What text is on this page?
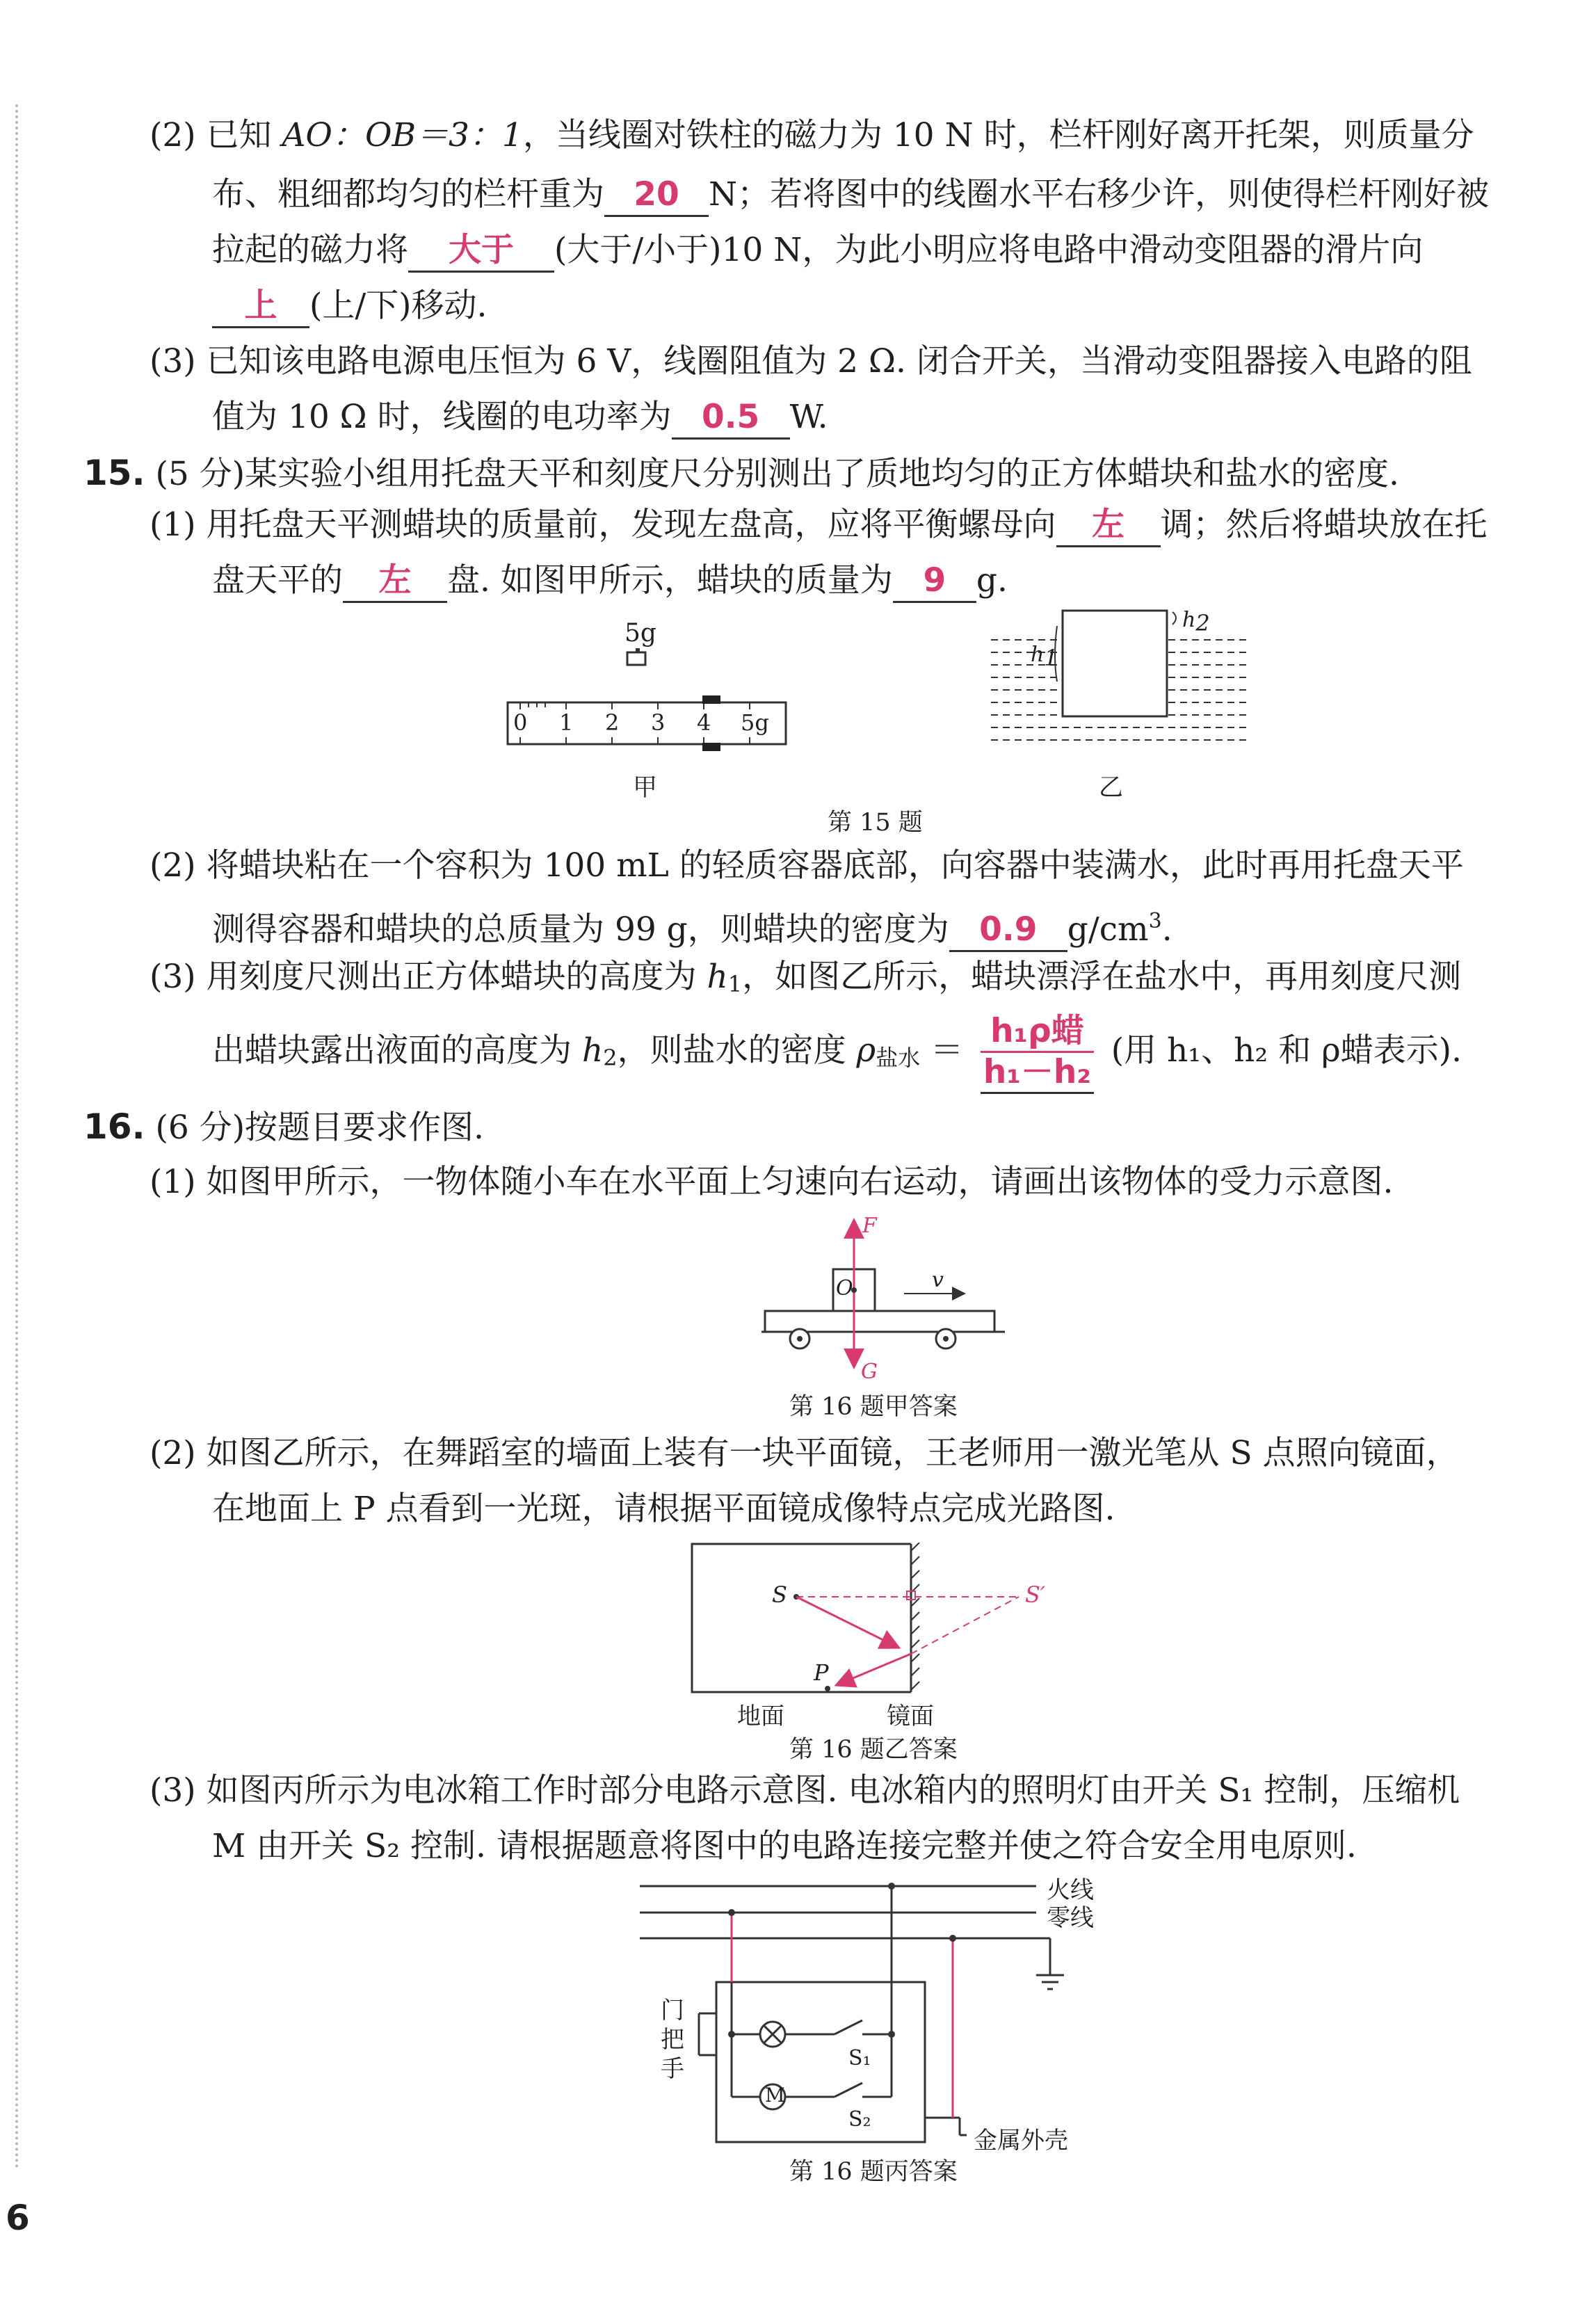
(2) 已知 AO：OB＝3：1，当线圈对铁柱的磁力为 10 N 时，栏杆刚好离开托架，则质量分
布、粗细都均匀的栏杆重为 20 N；若将图中的线圈水平右移少许，则使得栏杆刚好被
拉起的磁力将 大于 (大于/小于)10 N，为此小明应将电路中滑动变阻器的滑片向
上 (上/下)移动.
(3) 已知该电路电源电压恒为 6 V，线圈阻值为 2 Ω. 闭合开关，当滑动变阻器接入电路的阻
值为 10 Ω 时，线圈的电功率为 0.5 W.
15. (5 分)某实验小组用托盘天平和刻度尺分别测出了质地均匀的正方体蜡块和盐水的密度.
(1) 用托盘天平测蜡块的质量前，发现左盘高，应将平衡螺母向 左 调；然后将蜡块放在托
盘天平的 左 盘. 如图甲所示，蜡块的质量为 9 g.
5g
0 1 2 3 4 5g
甲
h1
h2
乙
第 15 题
(2) 将蜡块粘在一个容积为 100 mL 的轻质容器底部，向容器中装满水，此时再用托盘天平
测得容器和蜡块的总质量为 99 g，则蜡块的密度为 0.9 $g/cm^3$.
(3) 用刻度尺测出正方体蜡块的高度为 h1，如图乙所示，蜡块漂浮在盐水中，再用刻度尺测
出蜡块露出液面的高度为 h2，则盐水的密度 ρ盐水 ＝ $\frac{\text{h₁ρ蜡}}{\text{h₁－h₂}}$ (用 h₁、h₂ 和 ρ蜡表示).
16. (6 分)按题目要求作图.
(1) 如图甲所示，一物体随小车在水平面上匀速向右运动，请画出该物体的受力示意图.
F
v
O
G
第 16 题甲答案
(2) 如图乙所示，在舞蹈室的墙面上装有一块平面镜，王老师用一激光笔从 S 点照向镜面，
在地面上 P 点看到一光斑，请根据平面镜成像特点完成光路图.
S	S′
P
地面	镜面
第 16 题乙答案
(3) 如图丙所示为电冰箱工作时部分电路示意图. 电冰箱内的照明灯由开关 S₁ 控制，压缩机
M 由开关 S₂ 控制. 请根据题意将图中的电路连接完整并使之符合安全用电原则.
火线
零线
门把手	S₁
S₂
M
金属外壳
第 16 题丙答案
6
